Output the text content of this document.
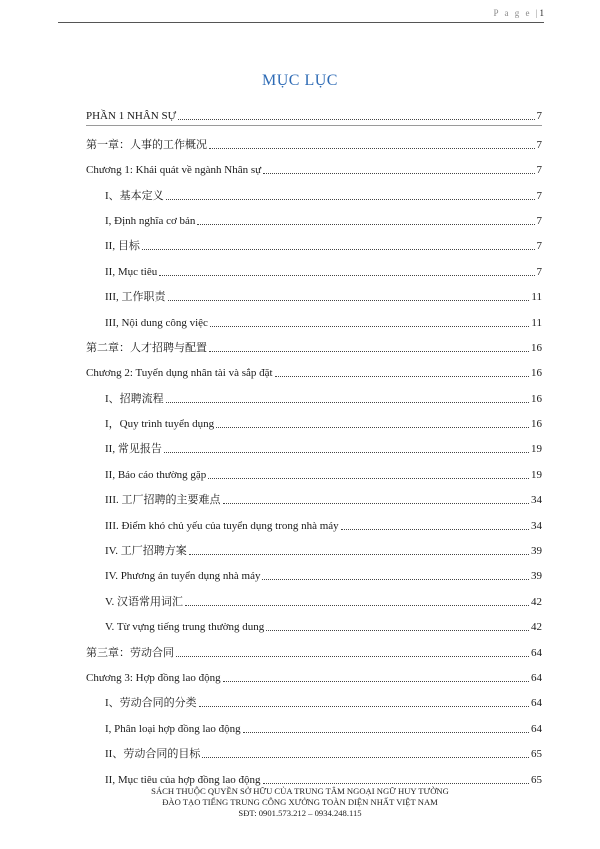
P a g e |1
MỤC LỤC
PHẦN 1 NHÂN SỰ	7
第一章：人事的工作概况	7
Chương 1: Khái quát về ngành Nhân sự	7
I、基本定义	7
I, Định nghĩa cơ bản	7
II, 目标	7
II, Mục tiêu	7
III, 工作职责	11
III, Nội dung công việc	11
第二章：人才招聘与配置	16
Chương 2: Tuyển dụng nhân tài và sắp đặt	16
I、招聘流程	16
I，Quy trình tuyển dụng	16
II, 常见报告	19
II, Báo cáo thường gặp	19
III. 工厂招聘的主要难点	34
III. Điểm khó chủ yếu của tuyển dụng trong nhà máy	34
IV. 工厂招聘方案	39
IV. Phương án tuyển dụng nhà máy	39
V. 汉语常用词汇	42
V. Từ vựng tiếng trung thường dung	42
第三章：劳动合同	64
Chương 3: Hợp đồng lao động	64
I、劳动合同的分类	64
I, Phân loại hợp đồng lao động	64
II、劳动合同的目标	65
II, Mục tiêu của hợp đồng lao động	65
SÁCH THUỘC QUYỀN SỞ HỮU CỦA TRUNG TÂM NGOẠI NGỮ HUY TƯỜNG
ĐÀO TẠO TIẾNG TRUNG CÔNG XƯỞNG TOÀN DIỆN NHẤT VIỆT NAM
SĐT: 0901.573.212 – 0934.248.115
